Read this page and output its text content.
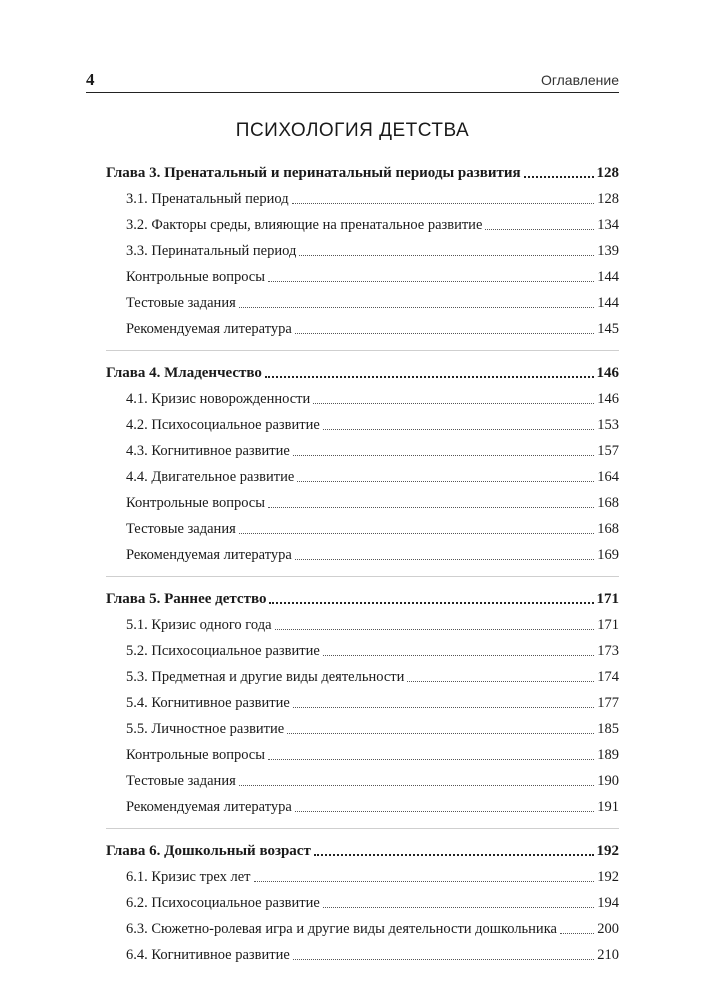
4	Оглавление
ПСИХОЛОГИЯ ДЕТСТВА
Глава 3. Пренатальный и перинатальный периоды развития	128
3.1. Пренатальный период	128
3.2. Факторы среды, влияющие на пренатальное развитие	134
3.3. Перинатальный период	139
Контрольные вопросы	144
Тестовые задания	144
Рекомендуемая литература	145
Глава 4. Младенчество	146
4.1. Кризис новорожденности	146
4.2. Психосоциальное развитие	153
4.3. Когнитивное развитие	157
4.4. Двигательное развитие	164
Контрольные вопросы	168
Тестовые задания	168
Рекомендуемая литература	169
Глава 5. Раннее детство	171
5.1. Кризис одного года	171
5.2. Психосоциальное развитие	173
5.3. Предметная и другие виды деятельности	174
5.4. Когнитивное развитие	177
5.5. Личностное развитие	185
Контрольные вопросы	189
Тестовые задания	190
Рекомендуемая литература	191
Глава 6. Дошкольный возраст	192
6.1. Кризис трех лет	192
6.2. Психосоциальное развитие	194
6.3. Сюжетно-ролевая игра и другие виды деятельности дошкольника	200
6.4. Когнитивное развитие	210
